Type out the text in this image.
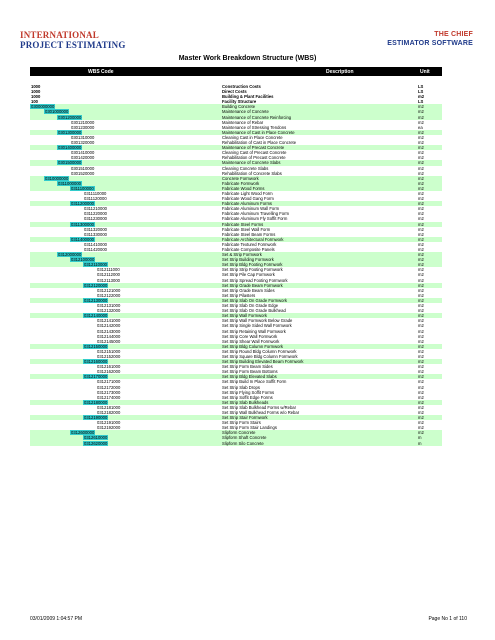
INTERNATIONAL
PROJECT ESTIMATING
THE CHIEF
ESTIMATOR SOFTWARE
Master Work Breakdown Structure (WBS)
WBS Code	Description	Unit
1000	Construction Costs	LS
1000	Direct Costs	LS
1000	Building & Plant Facilities	m2
100	Facility Structure	LS
0300000000	Building Concrete	m2
0301000000	Maintenance of Concrete	m2
0301200000	Maintenance of Concrete Reinforcing	m2
0301210000	Maintenance of Rebar	m2
0301230000	Maintenance of Stressing Tendons	ea
0301300000	Maintenance of Cast in Place Concrete	m2
0301310000	Cleaning Cast in Place Concrete	m2
0301320000	Rehabilitation of Cast in Place Concrete	m2
0301400000	Maintenance of Precast Concrete	m2
0301410000	Cleaning Cast of Precast Concrete	m2
0301420000	Rehabilitation of Precast Concrete	m2
0301500000	Maintenance of Concrete Slabs	m2
0301510000	Cleaning Concrete Slabs	m2
0301520000	Rehabilitation of Concrete Slabs	m2
0310000000	Concrete Formwork	m2
0311000000	Fabricate Formwork	m2
0311100000	Fabricate Wood Forms	m2
0311110000	Fabricate Light Wood Form	m2
0311120000	Fabricate Wood Gang Form	m2
0311200000	Fabricate Aluminum Forms	m2
0311210000	Fabricate Aluminum Wall Form	m2
0311220000	Fabricate Aluminum Travelling Form	m2
0311230000	Fabricate Aluminum Fly Soffit Form	m2
0311300000	Fabricate Steel Forms	m2
0311320000	Fabricate Steel Wall Form	m2
0311330000	Fabricate Steel Beam Forms	m2
0311400000	Fabricate Architectural Formwork	m2
0311410000	Fabricate Textured Formwork	m2
0311420000	Fabricate Composite Panels	m2
0312000000	Set & Strip Formwork	m2
0312100000	Set Strip Building Formwork	m2
0312110000	Set Strip Bldg Footing Formwork	m2
0312111000	Set Strip Strip Footing Formwork	m2
0312112000	Set Strip Pile Cap Formwork	m2
0312113000	Set Strip Spread Footing Formwork	m2
0312120000	Set Strip Grade Beam Formwork	m2
0312121000	Set Strip Grade Beam Sides	m2
0312122000	Set Strip Pilasters	m2
0312130000	Set Strip Slab On Grade Formwork	m2
0312131000	Set Strip Slab On Grade Edge	m2
0312132000	Set Strip Slab On Grade Bulkhead	m2
0312140000	Set Strip Wall Formwork	m2
0312141000	Set Strip Wall Formwork Below Grade	m2
0312142000	Set Strip Single Sided Wall Formwork	m2
0312143000	Set Strip Retaining Wall Formwork	m2
0312144000	Set Strip Core Wall Formwork	m2
0312145000	Set Strip Shear Wall Formwork	m2
0312150000	Set Strip Bldg Column Formwork	m2
0312151000	Set Strip Round Bldg Column Formwork	m2
0312152000	Set Strip Square Bldg Column Formwork	m2
0312160000	Set Strip Building Elevated Beam Formwork	m2
0312161000	Set Strip Form Beam Sides	m2
0312162000	Set Strip Form Beam Bottoms	m2
0312170000	Set Strip Bldg Elevated Slabs	m2
0312171000	Set Strip Build In Place Soffit Form	m2
0312172000	Set Strip Slab Drops	m2
0312173000	Set Strip Flying Soffit Forms	m2
0312174000	Set Strip Soffit Edge Forms	m2
0312180000	Set Strip Slab Bulkheads	m2
0312181000	Set Strip Slab Bulkhead Forms w/Rebar	m2
0312182000	Set Strip Wall Bulkhead Forms w/o Rebar	m2
0312190000	Set Strip Stair Formwork	m2
0312191000	Set Strip Form Stairs	m2
0312192000	Set Strip Form Stair Landings	m2
0312600000	Slipform Concrete	m2
0312610000	Slipform Shaft Concrete	m
0312620000	Slipform Silo Concrete	m
03/01/2009 1:04:57 PM	Page No 1 of 110
